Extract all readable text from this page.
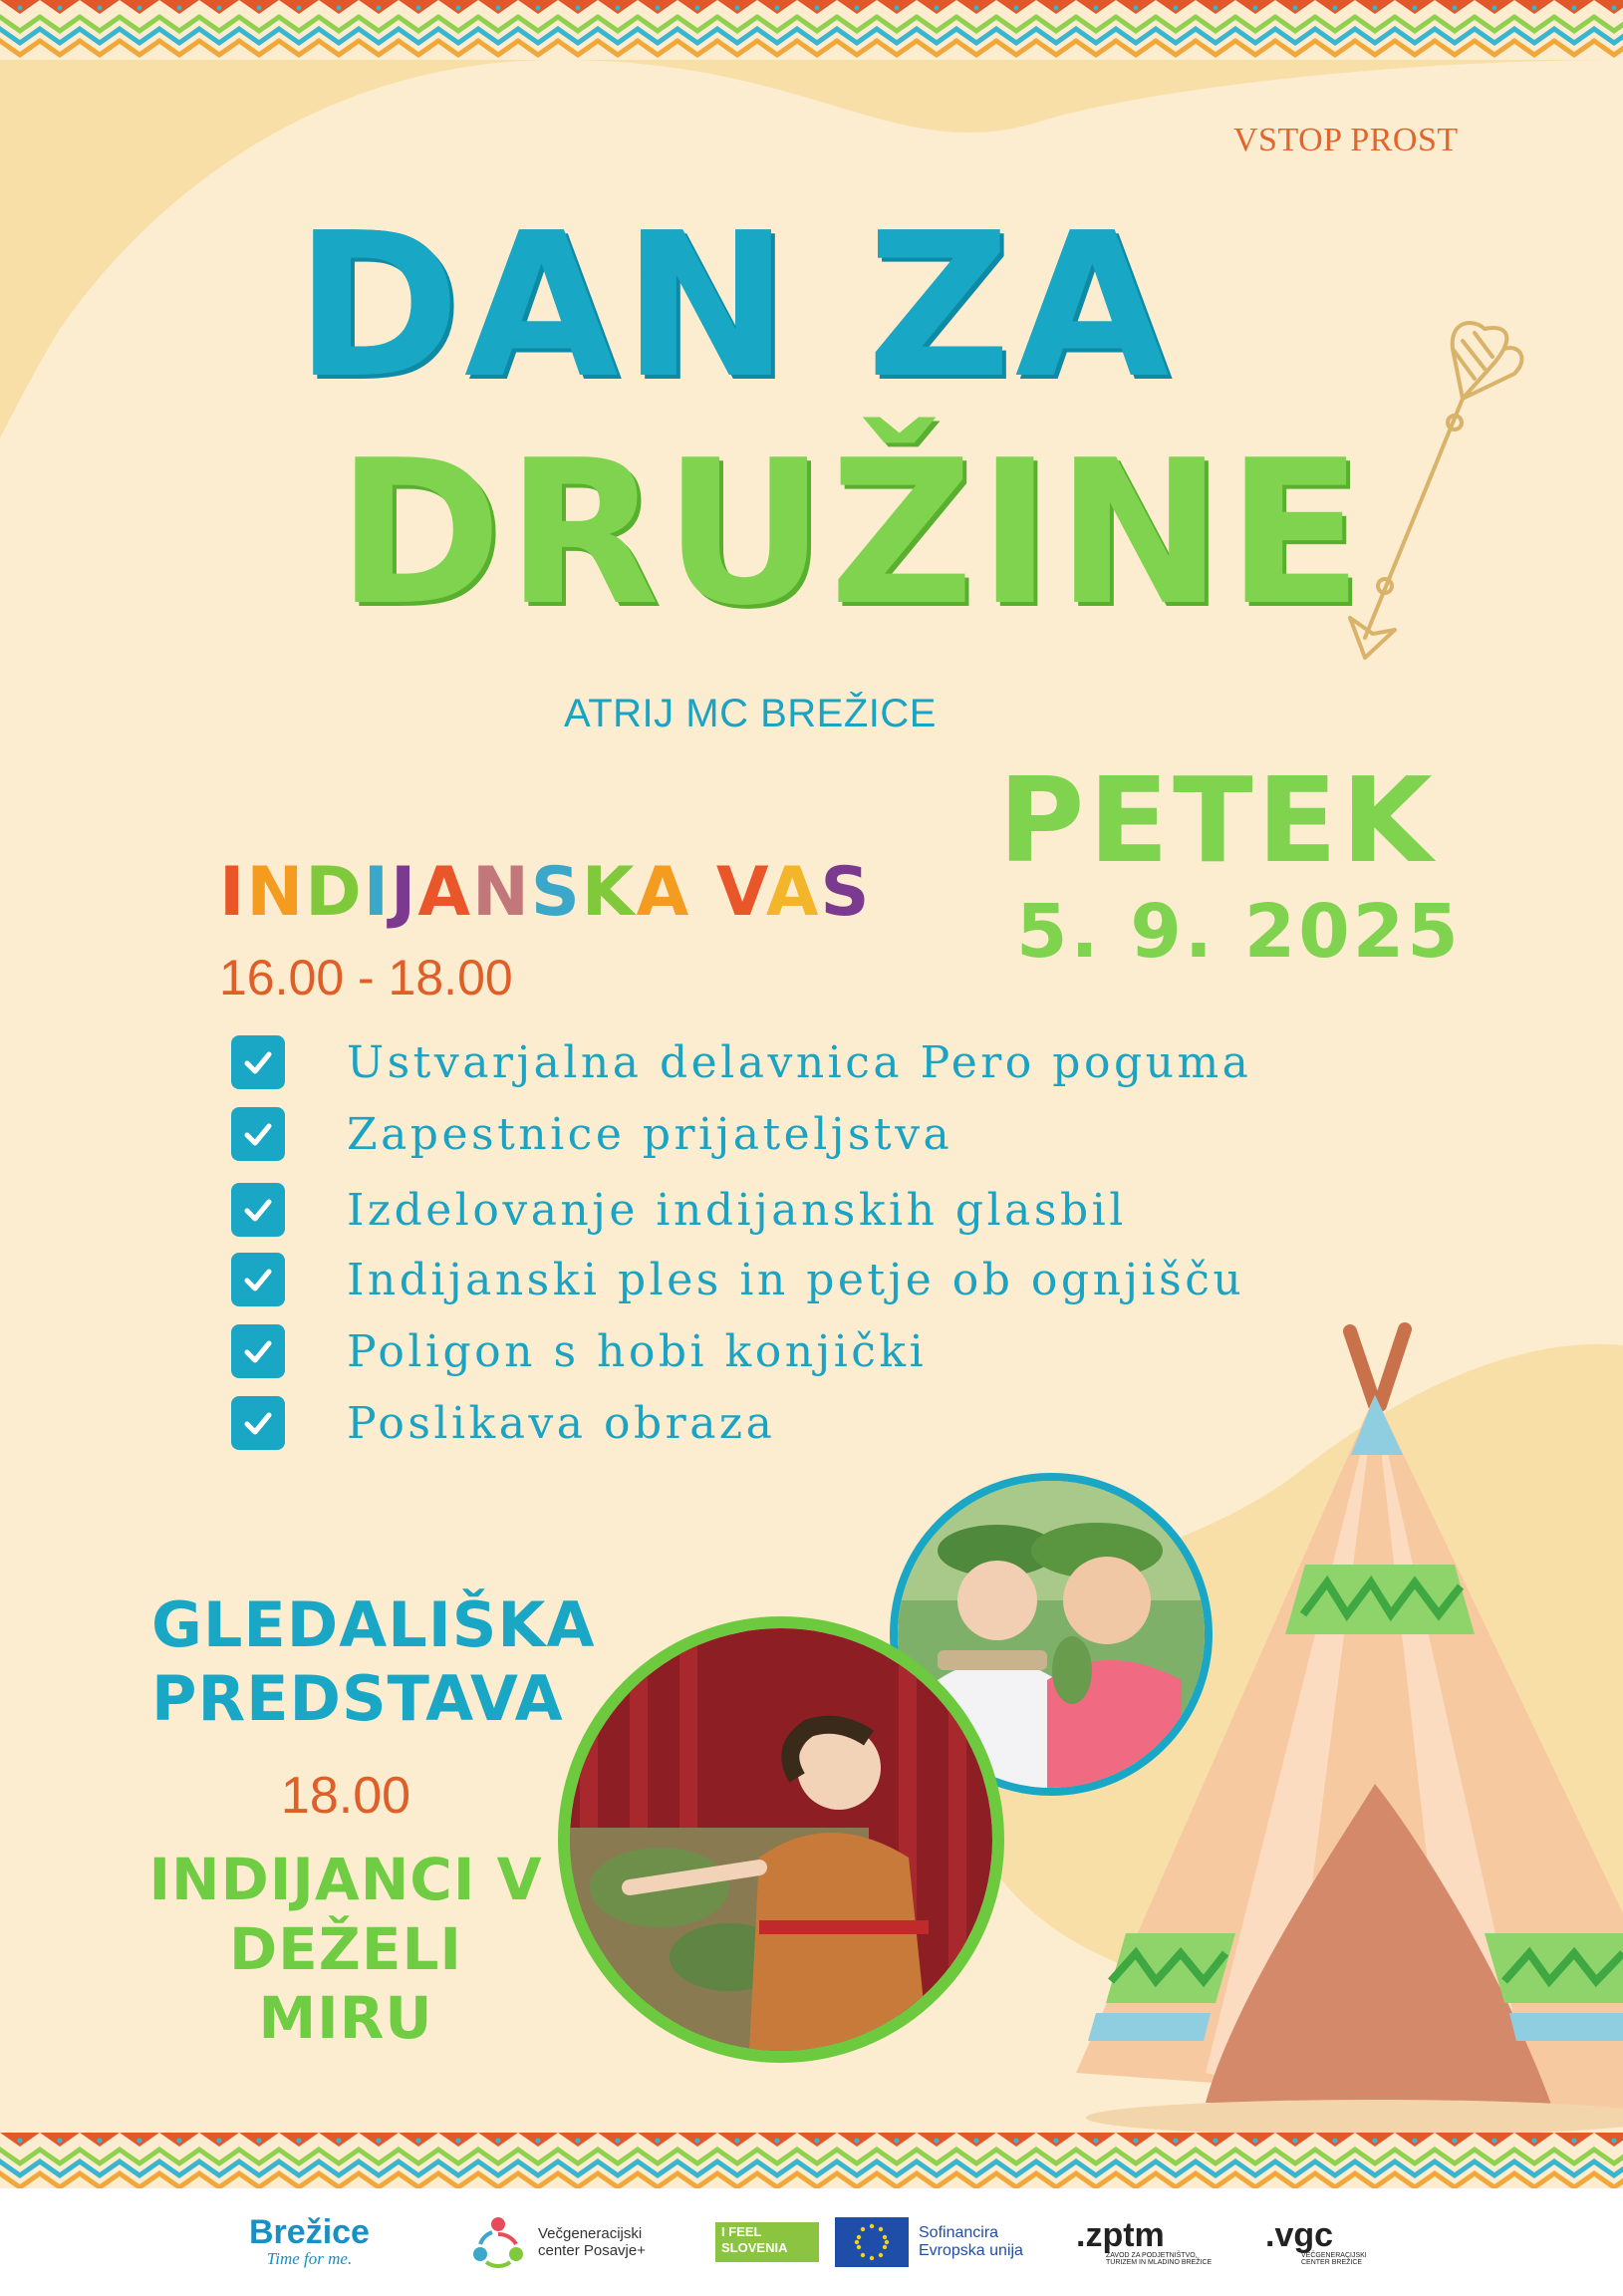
VSTOP PROST
DAN ZA
DRUŽINE
ATRIJ MC BREŽICE
PETEK
5. 9. 2025
INDIJANSKA VAS
16.00 - 18.00
Ustvarjalna delavnica Pero poguma
Zapestnice prijateljstva
Izdelovanje indijanskih glasbil
Indijanski ples in petje ob ognjišču
Poligon s hobi konjički
Poslikava obraza
GLEDALIŠKA
PREDSTAVA
18.00
INDIJANCI V
DEŽELI MIRU
Brežice
Time for me.
Večgeneracijski
center Posavje+
I FEEL
SLOVENIA
Sofinancira
Evropska unija .zptm
ZAVOD ZA PODJETNIŠTVO,
TURIZEM IN MLADINO BREŽICE
.vgc
VEČGENERACIJSKI
CENTER BREŽICE
